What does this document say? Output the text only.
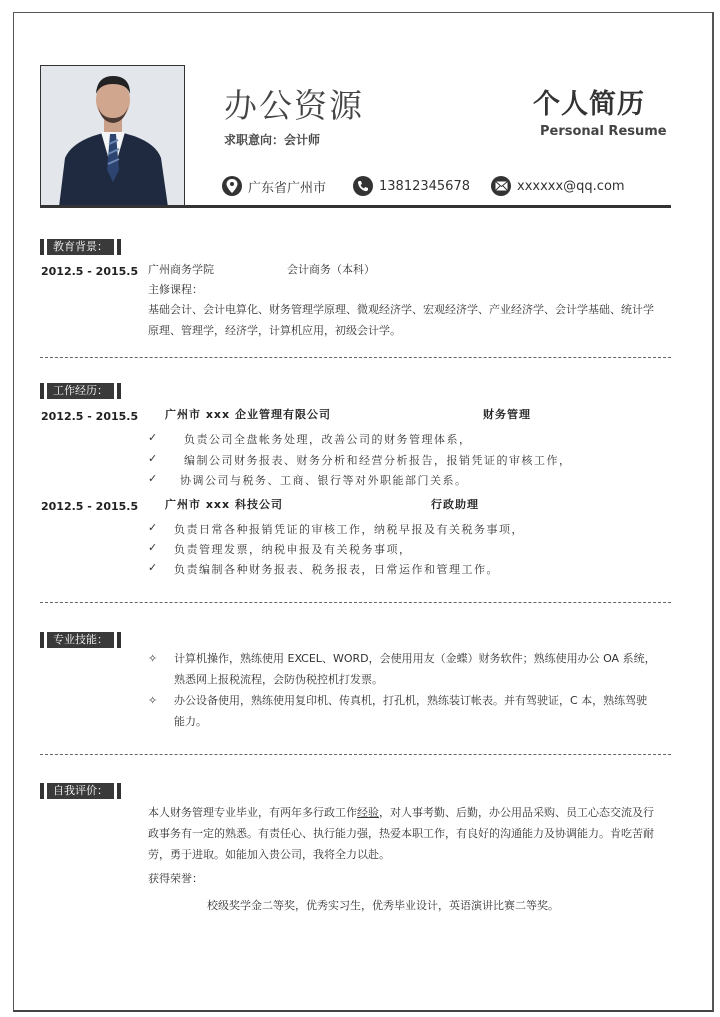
办公资源
求职意向：会计师
个人简历
Personal Resume
广东省广州市	13812345678	xxxxxx@qq.com
教育背景：
2012.5 - 2015.5 广州商务学院	会计商务（本科）
主修课程：
基础会计、会计电算化、财务管理学原理、微观经济学、宏观经济学、产业经济学、会计学基础、统计学原理、管理学，经济学，计算机应用，初级会计学。
工作经历：
2012.5 - 2015.5 广州市 xxx 企业管理有限公司	财务管理
✓	负责公司全盘帐务处理，改善公司的财务管理体系，
✓	编制公司财务报表、财务分析和经营分析报告，报销凭证的审核工作，
✓	协调公司与税务、工商、银行等对外职能部门关系。
2012.5 - 2015.5 广州市 xxx 科技公司	行政助理
✓	负责日常各种报销凭证的审核工作，纳税早报及有关税务事项，
✓	负责管理发票，纳税申报及有关税务事项，
✓	负责编制各种财务报表、税务报表，日常运作和管理工作。
专业技能：
✧	计算机操作，熟练使用 EXCEL、WORD，会使用用友（金蝶）财务软件；熟练使用办公 OA 系统，熟悉网上报税流程，会防伪税控机打发票。
✧	办公设备使用，熟练使用复印机、传真机，打孔机，熟练装订帐表。并有驾驶证，C 本，熟练驾驶能力。
自我评价：
本人财务管理专业毕业，有两年多行政工作经验，对人事考勤、后勤，办公用品采购、员工心态交流及行政事务有一定的熟悉。有责任心、执行能力强，热爱本职工作，有良好的沟通能力及协调能力。肯吃苦耐劳，勇于进取。如能加入贵公司，我将全力以赴。
获得荣誉：
校级奖学金二等奖，优秀实习生，优秀毕业设计，英语演讲比赛二等奖。
